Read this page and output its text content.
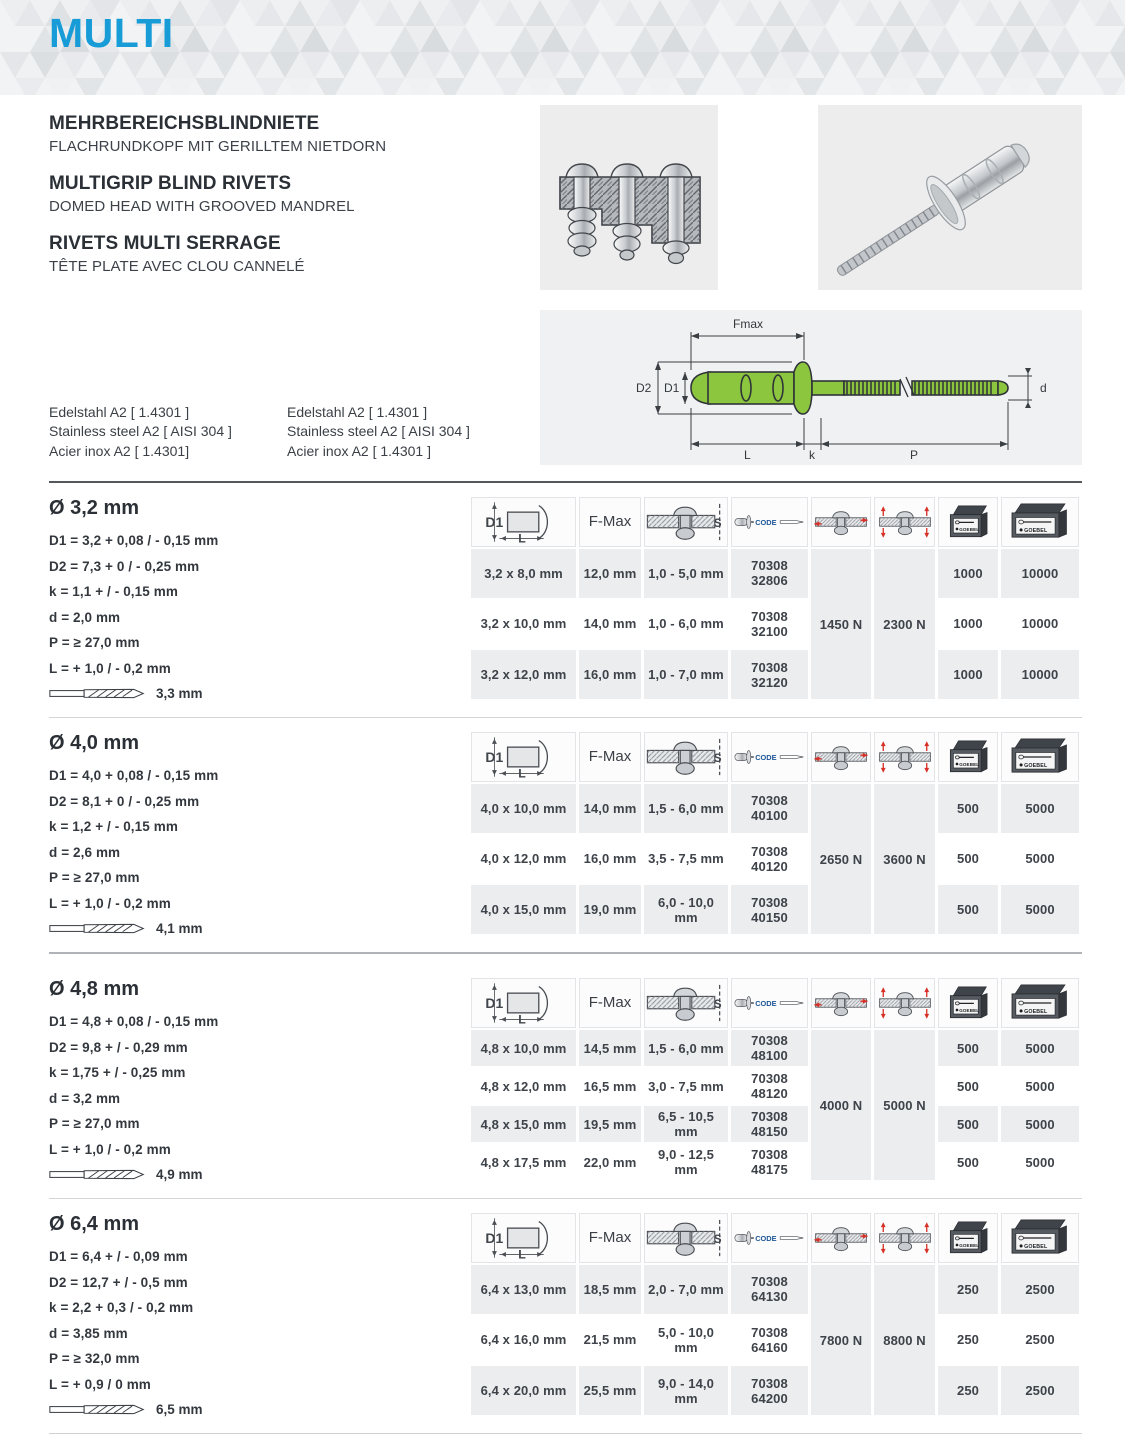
MULTI
MEHRBEREICHSBLINDNIETE

FLACHRUNDKOPF MIT GERILLTEM NIETDORN

MULTIGRIP BLIND RIVETS

DOMED HEAD WITH GROOVED MANDREL

RIVETS MULTI SERRAGE

TÊTE PLATE AVEC CLOU CANNELÉ

Edelstahl A2 [ 1.4301 ]
Stainless steel A2 [ AISI 304 ]
Acier inox A2 [ 1.4301]
Edelstahl A2 [ 1.4301 ]
Stainless steel A2 [ AISI 304 ]
Acier inox A2 [ 1.4301 ]
Fmax
D2 D1	d
L	k	P
Ø 3,2 mm
D1 = 3,2 + 0,08 / - 0,15 mm
D2 = 7,3 + 0 / - 0,25 mm
k = 1,1 + / - 0,15 mm
d = 2,0 mm
P = ≥ 27,0 mm
L = + 1,0 / - 0,2 mm
3,3 mm
	F-Max						
3,2 x 8,0 mm	12,0 mm	1,0 - 5,0 mm	70308 32806	1450 N	2300 N	1000	10000
3,2 x 10,0 mm	14,0 mm	1,0 - 6,0 mm	70308 32100			1000	10000
3,2 x 12,0 mm	16,0 mm	1,0 - 7,0 mm	70308 32120			1000	10000
Ø 4,0 mm
D1 = 4,0 + 0,08 / - 0,15 mm
D2 = 8,1 + 0 / - 0,25 mm
k = 1,2 + / - 0,15 mm
d = 2,6 mm
P = ≥ 27,0 mm
L = + 1,0 / - 0,2 mm
4,1 mm
	F-Max						
4,0 x 10,0 mm	14,0 mm	1,5 - 6,0 mm	70308 40100	2650 N	3600 N	500	5000
4,0 x 12,0 mm	16,0 mm	3,5 - 7,5 mm	70308 40120			500	5000
4,0 x 15,0 mm	19,0 mm	6,0 - 10,0 mm	70308 40150			500	5000
Ø 4,8 mm
D1 = 4,8 + 0,08 / - 0,15 mm
D2 = 9,8 + / - 0,29 mm
k = 1,75 + / - 0,25 mm
d = 3,2 mm
P = ≥ 27,0 mm
L = + 1,0 / - 0,2 mm
4,9 mm
	F-Max						
4,8 x 10,0 mm	14,5 mm	1,5 - 6,0 mm	70308 48100	4000 N	5000 N	500	5000
4,8 x 12,0 mm	16,5 mm	3,0 - 7,5 mm	70308 48120			500	5000
4,8 x 15,0 mm	19,5 mm	6,5 - 10,5 mm	70308 48150			500	5000
4,8 x 17,5 mm	22,0 mm	9,0 - 12,5 mm	70308 48175			500	5000
Ø 6,4 mm
D1 = 6,4 + / - 0,09 mm
D2 = 12,7 + / - 0,5 mm
k = 2,2 + 0,3 / - 0,2 mm
d = 3,85 mm
P = ≥ 32,0 mm
L = + 0,9 / 0 mm
6,5 mm
	F-Max						
6,4 x 13,0 mm	18,5 mm	2,0 - 7,0 mm	70308 64130	7800 N	8800 N	250	2500
6,4 x 16,0 mm	21,5 mm	5,0 - 10,0 mm	70308 64160			250	2500
6,4 x 20,0 mm	25,5 mm	9,0 - 14,0 mm	70308 64200			250	2500
